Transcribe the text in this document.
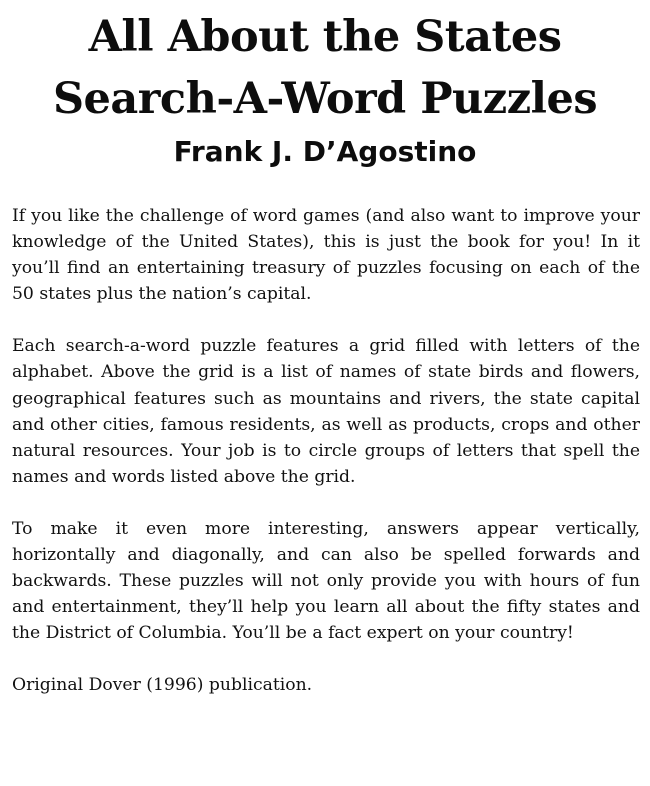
All About the States
Search-A-Word Puzzles
Frank J. D’Agostino

If you like the challenge of word games (and also want to improve your knowledge of the United States), this is just the book for you! In it you’ll find an entertaining treasury of puzzles focusing on each of the 50 states plus the nation’s capital.

Each search-a-word puzzle features a grid filled with letters of the alphabet. Above the grid is a list of names of state birds and flowers, geographical features such as mountains and rivers, the state capital and other cities, famous residents, as well as products, crops and other natural resources. Your job is to circle groups of letters that spell the names and words listed above the grid.

To make it even more interesting, answers appear vertically, horizontally and diagonally, and can also be spelled forwards and backwards. These puzzles will not only provide you with hours of fun and entertainment, they’ll help you learn all about the fifty states and the District of Columbia. You’ll be a fact expert on your country!

Original Dover (1996) publication.
